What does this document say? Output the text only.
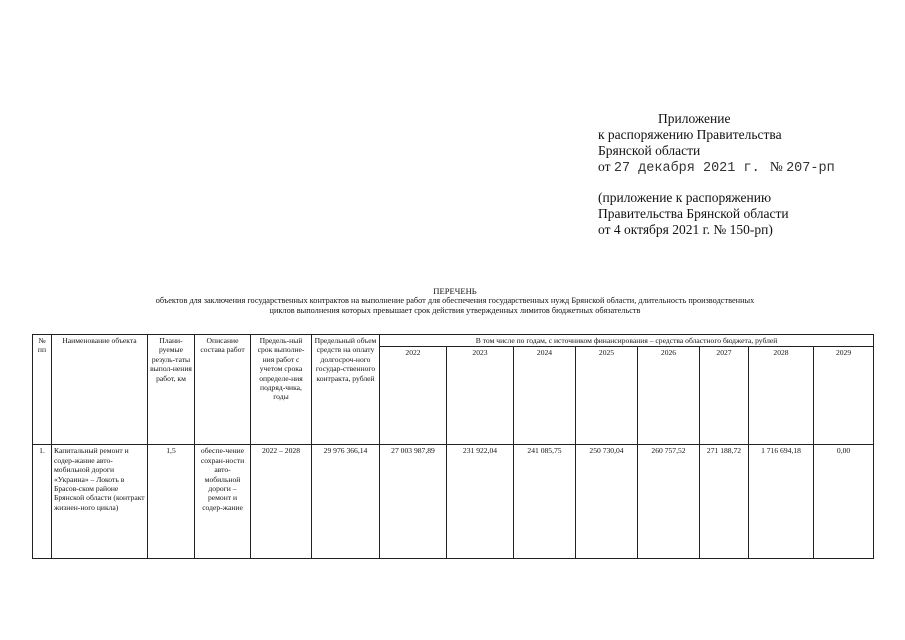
Приложение
к распоряжению Правительства
Брянской области
от 27 декабря 2021 г. № 207-рп
(приложение к распоряжению
Правительства Брянской области
от 4 октября 2021 г. № 150-рп)
ПЕРЕЧЕНЬ
объектов для заключения государственных контрактов на выполнение работ для обеспечения государственных нужд Брянской области, длительность производственных
циклов выполнения которых превышает срок действия утвержденных лимитов бюджетных обязательств
№ пп	Наименование объекта	Плани-руемые резуль-таты выпол-нения работ, км	Описание состава работ	Предель-ный срок выполне-ния работ с учетом срока определе-ния подряд-чика, годы	Предельный объем средств на оплату долгосроч-ного государ-ственного контракта, рублей	В том числе по годам, с источником финансирования – средства областного бюджета, рублей							
						2022	2023	2024	2025	2026	2027	2028	2029
1.	Капитальный ремонт и содер-жание авто-мобильной дороги «Украина» – Локоть в Брасов-ском районе Брянской области (контракт жизнен-ного цикла)	1,5	обеспе-чение сохран-ности авто-мобильной дороги – ремонт и содер-жание	2022 – 2028	29 976 366,14	27 003 987,89	231 922,04	241 085,75	250 730,04	260 757,52	271 188,72	1 716 694,18	0,00
